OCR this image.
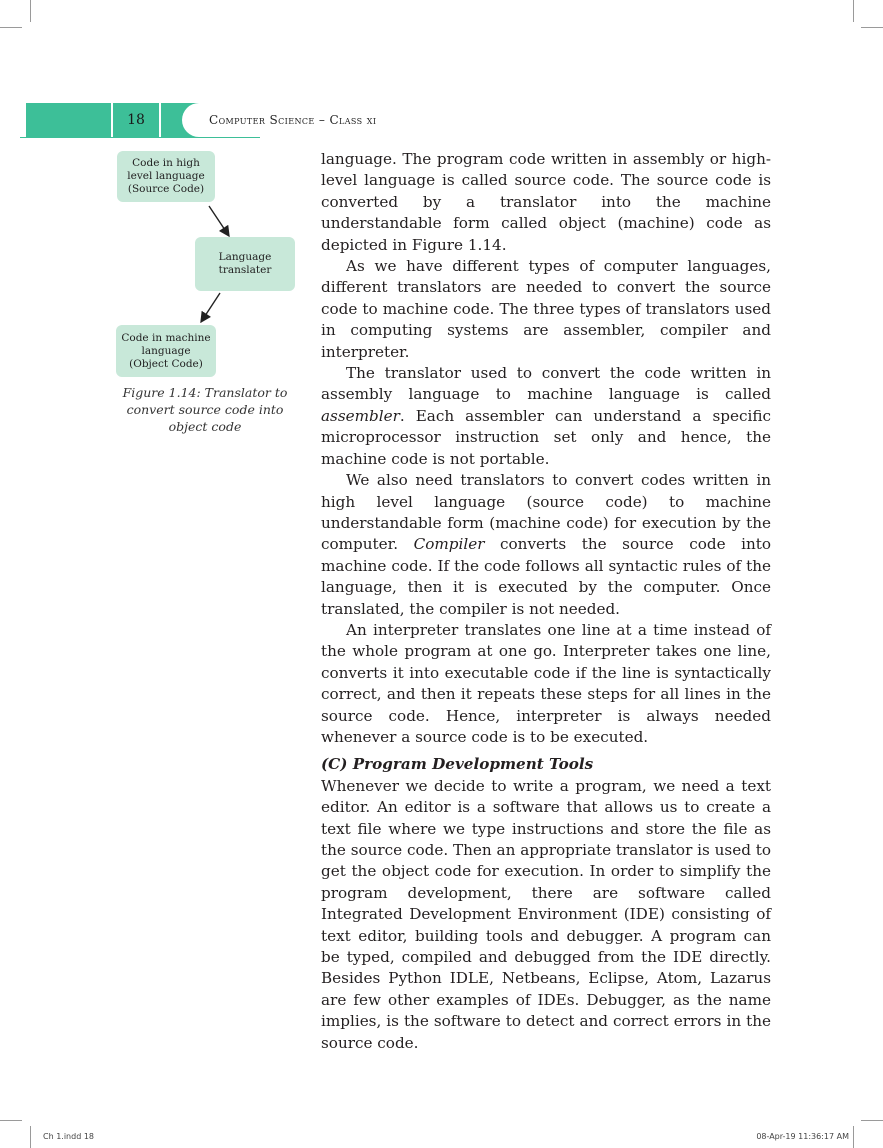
18	Computer Science – Class xi
Code in high
level language
(Source Code)
Language
translater
Code in machine
language
(Object Code)
Figure 1.14: Translator to convert source code into object code

language. The program code written in assembly or high-level language is called source code. The source code is converted by a translator into the machine understandable form called object (machine) code as depicted in Figure 1.14.

As we have different types of computer languages, different translators are needed to convert the source code to machine code. The three types of translators used in computing systems are assembler, compiler and interpreter.

The translator used to convert the code written in assembly language to machine language is called assembler. Each assembler can understand a specific microprocessor instruction set only and hence, the machine code is not portable.

We also need translators to convert codes written in high level language (source code) to machine understandable form (machine code) for execution by the computer. Compiler converts the source code into machine code. If the code follows all syntactic rules of the language, then it is executed by the computer. Once translated, the compiler is not needed.

An interpreter translates one line at a time instead of the whole program at one go. Interpreter takes one line, converts it into executable code if the line is syntactically correct, and then it repeats these steps for all lines in the source code. Hence, interpreter is always needed whenever a source code is to be executed.

(C) Program Development Tools

Whenever we decide to write a program, we need a text editor. An editor is a software that allows us to create a text file where we type instructions and store the file as the source code. Then an appropriate translator is used to get the object code for execution. In order to simplify the program development, there are software called Integrated Development Environment (IDE) consisting of text editor, building tools and debugger. A program can be typed, compiled and debugged from the IDE directly. Besides Python IDLE, Netbeans, Eclipse, Atom, Lazarus are few other examples of IDEs. Debugger, as the name implies, is the software to detect and correct errors in the source code.

Ch 1.indd 18	08-Apr-19 11:36:17 AM
